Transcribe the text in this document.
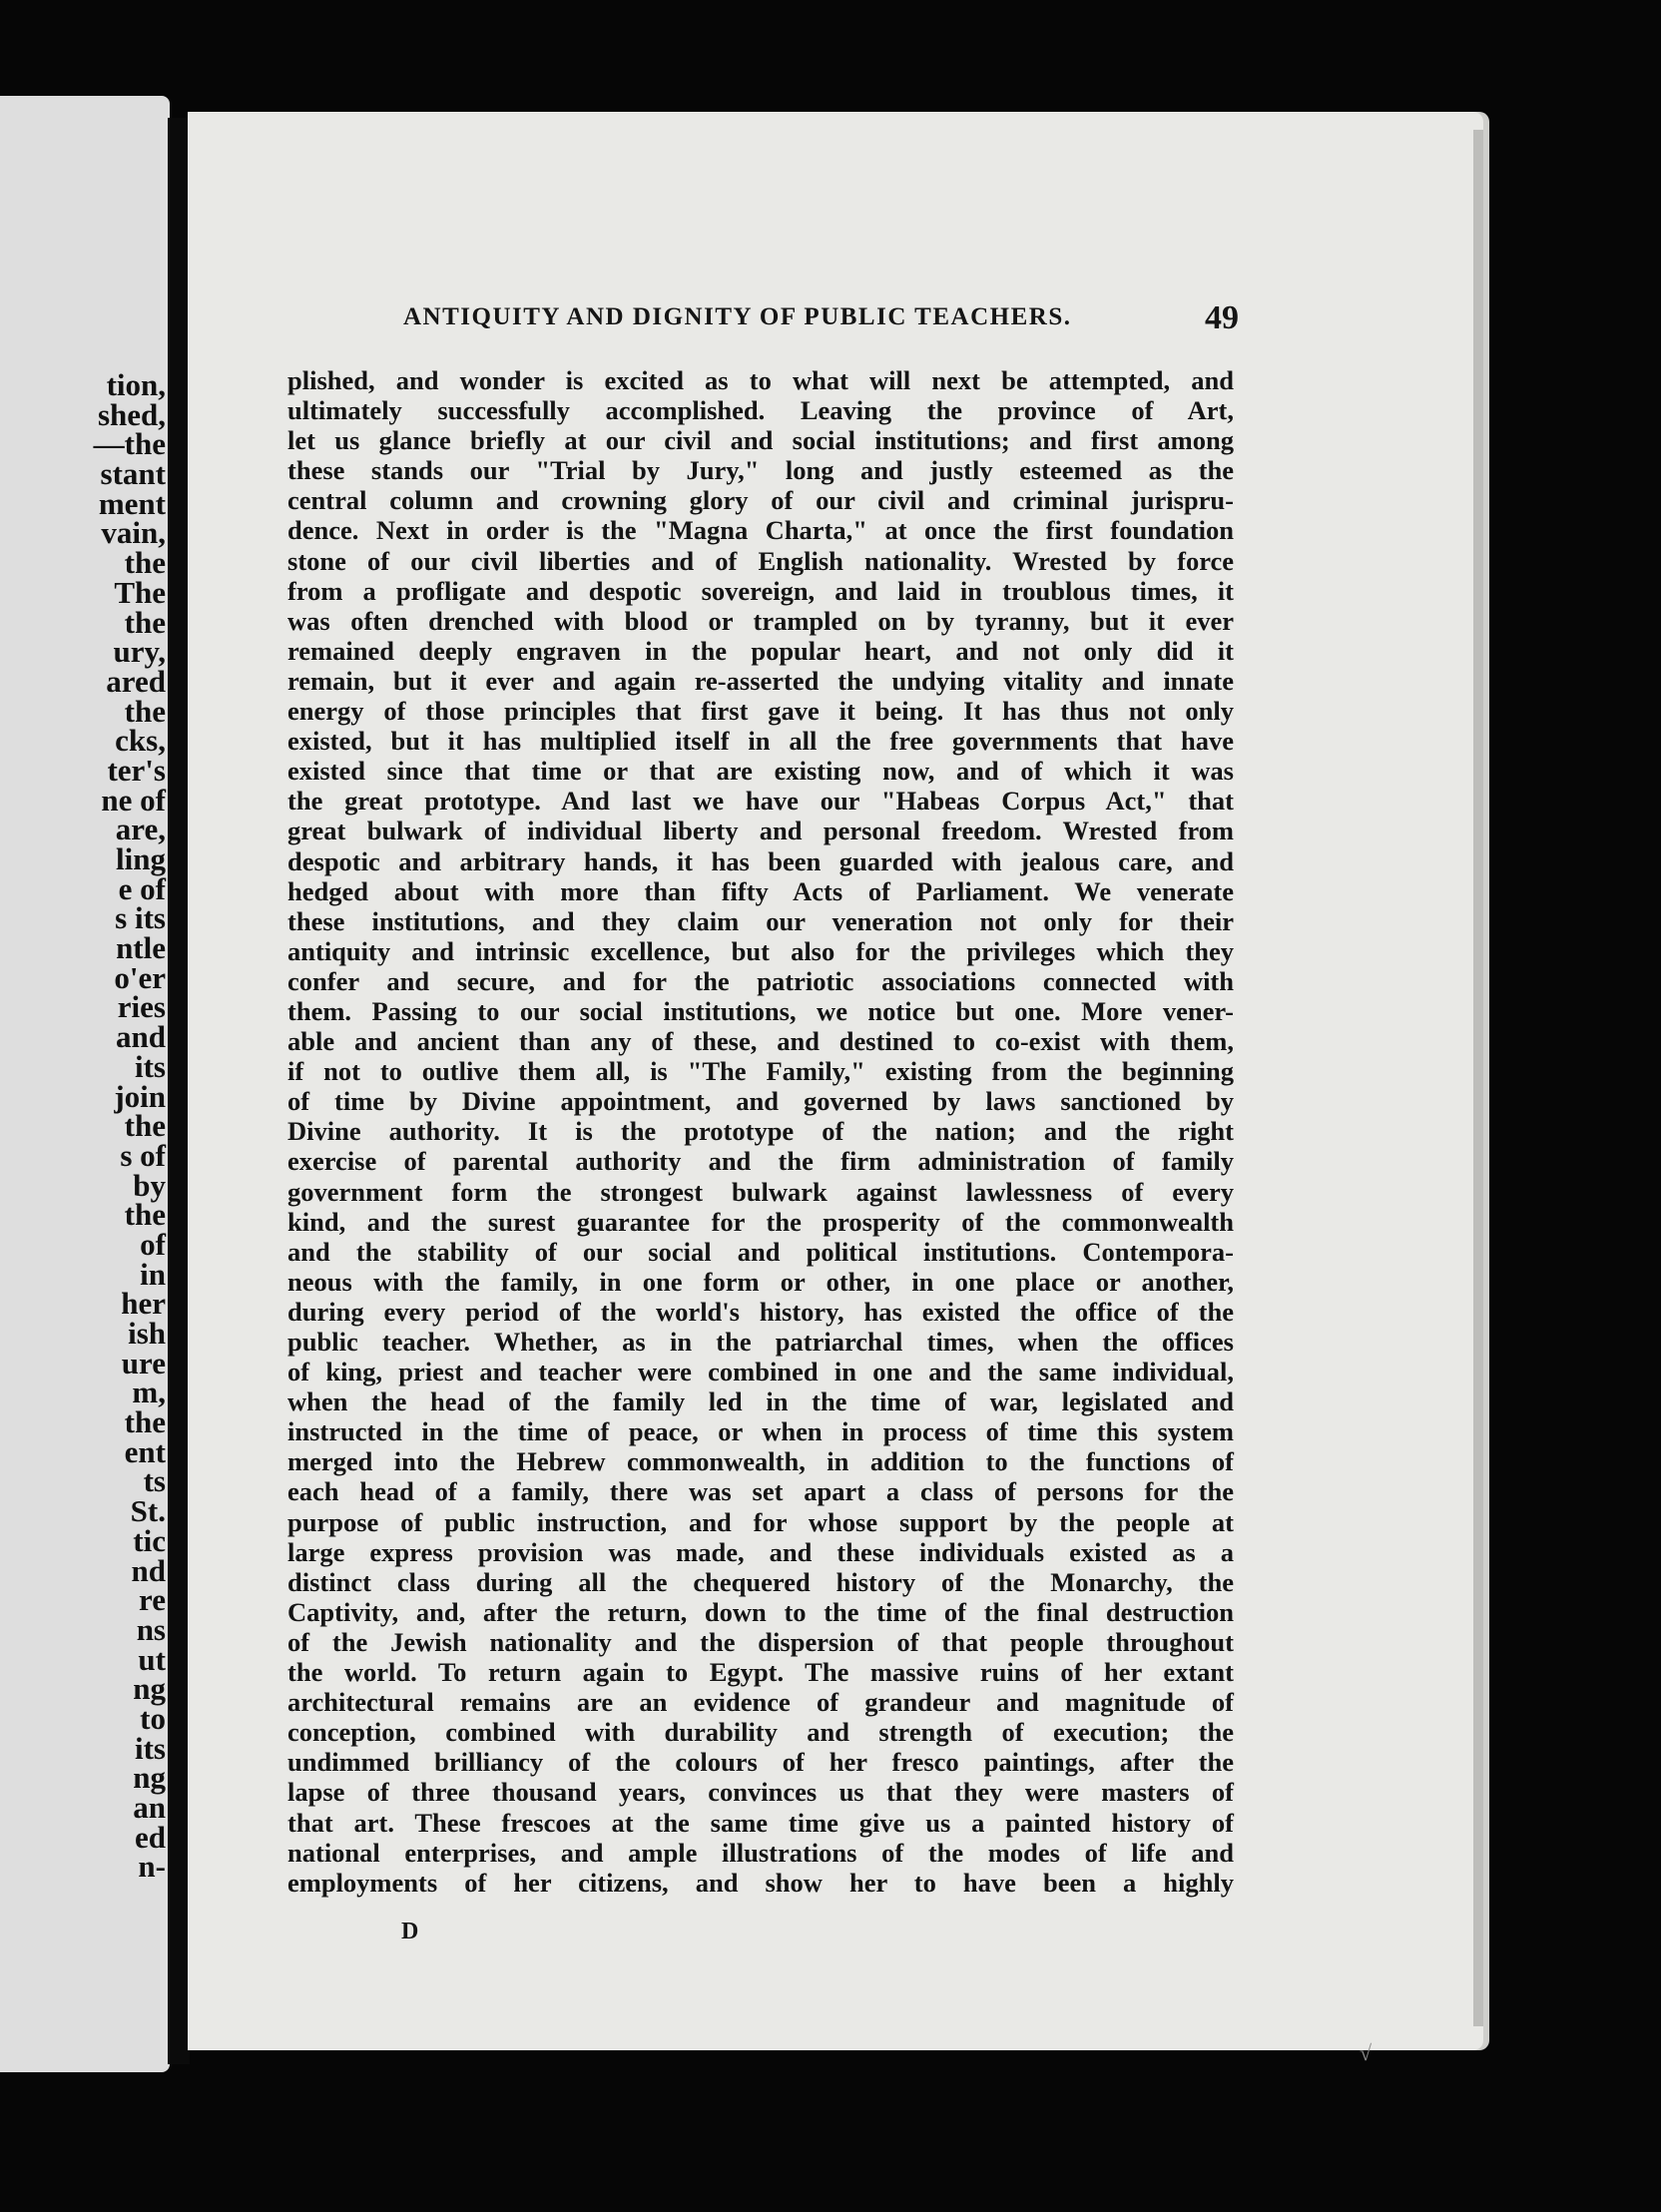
tion,
shed,
—the
stant
ment
vain,
the
The
the
ury,
ared
the
cks,
ter's
ne of
are,
ling
e of
s its
ntle
o'er
ries
and
its
join
the
s of
by
the
of
in
her
ish
ure
m,
the
ent
ts
St.
tic
nd
re
ns
ut
ng
to
its
ng
an
ed
n-
ANTIQUITY AND DIGNITY OF PUBLIC TEACHERS.	49

plished, and wonder is excited as to what will next be attempted, and
ultimately successfully accomplished. Leaving the province of Art,
let us glance briefly at our civil and social institutions; and first among
these stands our "Trial by Jury," long and justly esteemed as the
central column and crowning glory of our civil and criminal jurispru-
dence. Next in order is the "Magna Charta," at once the first foundation
stone of our civil liberties and of English nationality. Wrested by force
from a profligate and despotic sovereign, and laid in troublous times, it
was often drenched with blood or trampled on by tyranny, but it ever
remained deeply engraven in the popular heart, and not only did it
remain, but it ever and again re-asserted the undying vitality and innate
energy of those principles that first gave it being. It has thus not only
existed, but it has multiplied itself in all the free governments that have
existed since that time or that are existing now, and of which it was
the great prototype. And last we have our "Habeas Corpus Act," that
great bulwark of individual liberty and personal freedom. Wrested from
despotic and arbitrary hands, it has been guarded with jealous care, and
hedged about with more than fifty Acts of Parliament. We venerate
these institutions, and they claim our veneration not only for their
antiquity and intrinsic excellence, but also for the privileges which they
confer and secure, and for the patriotic associations connected with
them. Passing to our social institutions, we notice but one. More vener-
able and ancient than any of these, and destined to co-exist with them,
if not to outlive them all, is "The Family," existing from the beginning
of time by Divine appointment, and governed by laws sanctioned by
Divine authority. It is the prototype of the nation; and the right
exercise of parental authority and the firm administration of family
government form the strongest bulwark against lawlessness of every
kind, and the surest guarantee for the prosperity of the commonwealth
and the stability of our social and political institutions. Contempora-
neous with the family, in one form or other, in one place or another,
during every period of the world's history, has existed the office of the
public teacher. Whether, as in the patriarchal times, when the offices
of king, priest and teacher were combined in one and the same individual,
when the head of the family led in the time of war, legislated and
instructed in the time of peace, or when in process of time this system
merged into the Hebrew commonwealth, in addition to the functions of
each head of a family, there was set apart a class of persons for the
purpose of public instruction, and for whose support by the people at
large express provision was made, and these individuals existed as a
distinct class during all the chequered history of the Monarchy, the
Captivity, and, after the return, down to the time of the final destruction
of the Jewish nationality and the dispersion of that people throughout
the world. To return again to Egypt. The massive ruins of her extant
architectural remains are an evidence of grandeur and magnitude of
conception, combined with durability and strength of execution; the
undimmed brilliancy of the colours of her fresco paintings, after the
lapse of three thousand years, convinces us that they were masters of
that art. These frescoes at the same time give us a painted history of
national enterprises, and ample illustrations of the modes of life and
employments of her citizens, and show her to have been a highly

D
√
